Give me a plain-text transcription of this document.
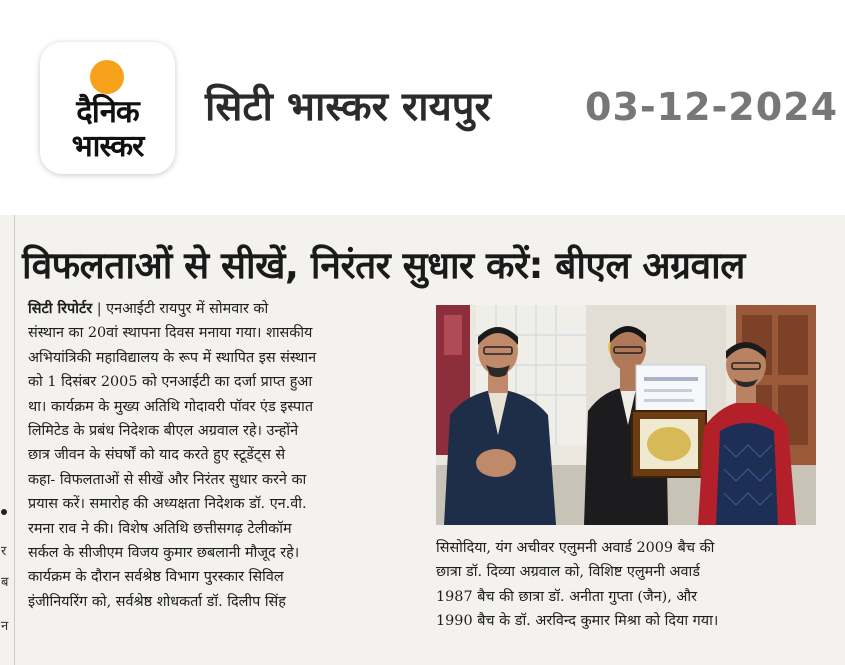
दैनिक
भास्कर
सिटी भास्कर रायपुर 03-12-2024
र
ब
न
विफलताओं से सीखें, निरंतर सुधार करें: बीएल अग्रवाल
सिटी रिपोर्टर | एनआईटी रायपुर में सोमवार को
संस्थान का 20वां स्थापना दिवस मनाया गया। शासकीय
अभियांत्रिकी महाविद्यालय के रूप में स्थापित इस संस्थान
को 1 दिसंबर 2005 को एनआईटी का दर्जा प्राप्त हुआ
था। कार्यक्रम के मुख्य अतिथि गोदावरी पॉवर एंड इस्पात
लिमिटेड के प्रबंध निदेशक बीएल अग्रवाल रहे। उन्होंने
छात्र जीवन के संघर्षों को याद करते हुए स्टूडेंट्स से
कहा- विफलताओं से सीखें और निरंतर सुधार करने का
प्रयास करें। समारोह की अध्यक्षता निदेशक डॉ. एन.वी.
रमना राव ने की। विशेष अतिथि छत्तीसगढ़ टेलीकॉम
सर्कल के सीजीएम विजय कुमार छबलानी मौजूद रहे।
कार्यक्रम के दौरान सर्वश्रेष्ठ विभाग पुरस्कार सिविल
इंजीनियरिंग को, सर्वश्रेष्ठ शोधकर्ता डॉ. दिलीप सिंह
सिसोदिया, यंग अचीवर एलुमनी अवार्ड 2009 बैच की
छात्रा डॉ. दिव्या अग्रवाल को, विशिष्ट एलुमनी अवार्ड
1987 बैच की छात्रा डॉ. अनीता गुप्ता (जैन), और
1990 बैच के डॉ. अरविन्द कुमार मिश्रा को दिया गया।
